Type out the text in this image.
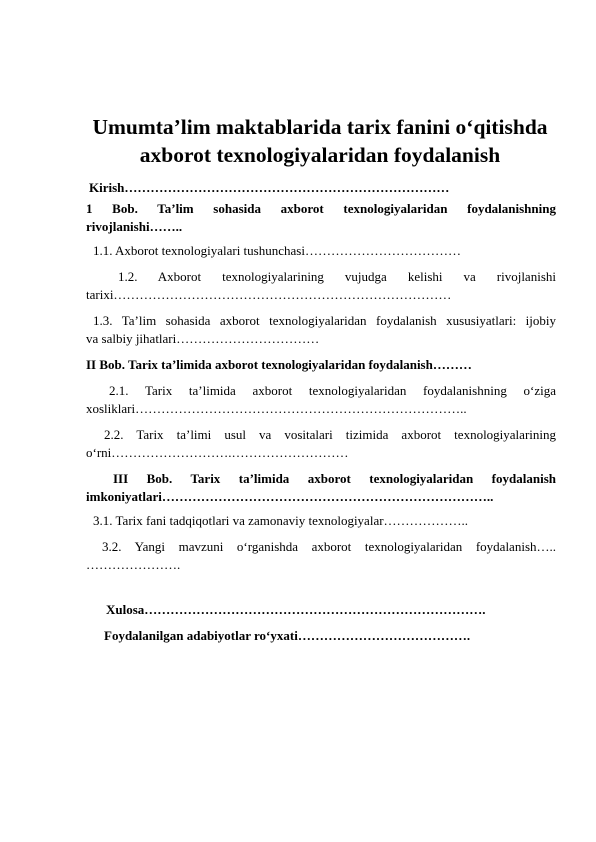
Umumta’lim maktablarida tarix fanini o‘qitishda
axborot texnologiyalaridan foydalanish
Kirish…………………………………………………………………
1 Bob. Ta’lim sohasida axborot texnologiyalaridan foydalanishning
rivojlanishi……..
1.1. Axborot texnologiyalari tushunchasi………………………………
1.2. Axborot texnologiyalarining vujudga kelishi va rivojlanishi
tarixi……………………………………………………………………
1.3. Ta’lim sohasida axborot texnologiyalaridan foydalanish xususiyatlari: ijobiy
va salbiy jihatlari……………………………
II Bob. Tarix ta’limida axborot texnologiyalaridan foydalanish………
2.1. Tarix ta’limida axborot texnologiyalaridan foydalanishning o‘ziga
xosliklari…………………………………………………………………..
2.2. Tarix ta’limi usul va vositalari tizimida axborot texnologiyalarining
o‘rni……………………….………………………
III Bob. Tarix ta’limida axborot texnologiyalaridan foydalanish
imkoniyatlari…………………………………………………………………..
3.1. Tarix fani tadqiqotlari va zamonaviy texnologiyalar………………..
3.2. Yangi mavzuni o‘rganishda axborot texnologiyalaridan foydalanish…..
………………….
Xulosa…………………………………………………………………….
Foydalanilgan adabiyotlar ro‘yxati………………………………….
